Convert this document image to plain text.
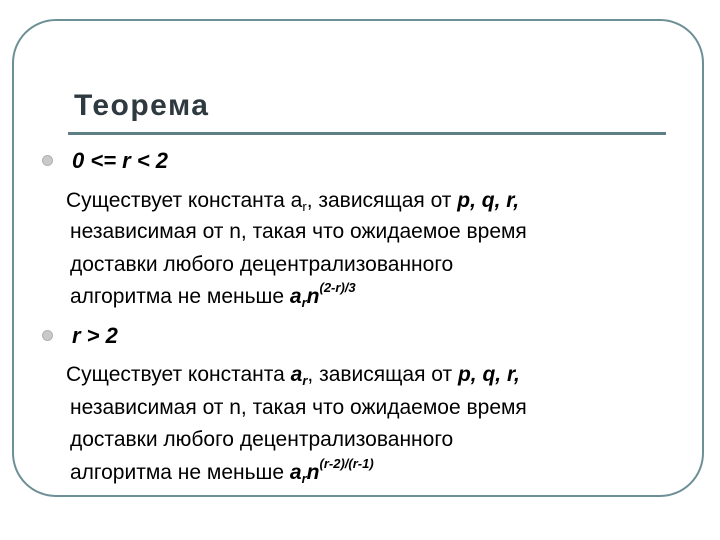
Теорема
0 <= r < 2
Существует константа $a_r$, зависящая от p, q, r,
независимая от n, такая что ожидаемое время
доставки любого децентрализованного
алгоритма не меньше $a_rn^{(2-r)/3}$
r > 2
Существует константа $a_r$, зависящая от p, q, r,
независимая от n, такая что ожидаемое время
доставки любого децентрализованного
алгоритма не меньше $a_rn^{(r-2)/(r-1)}$
